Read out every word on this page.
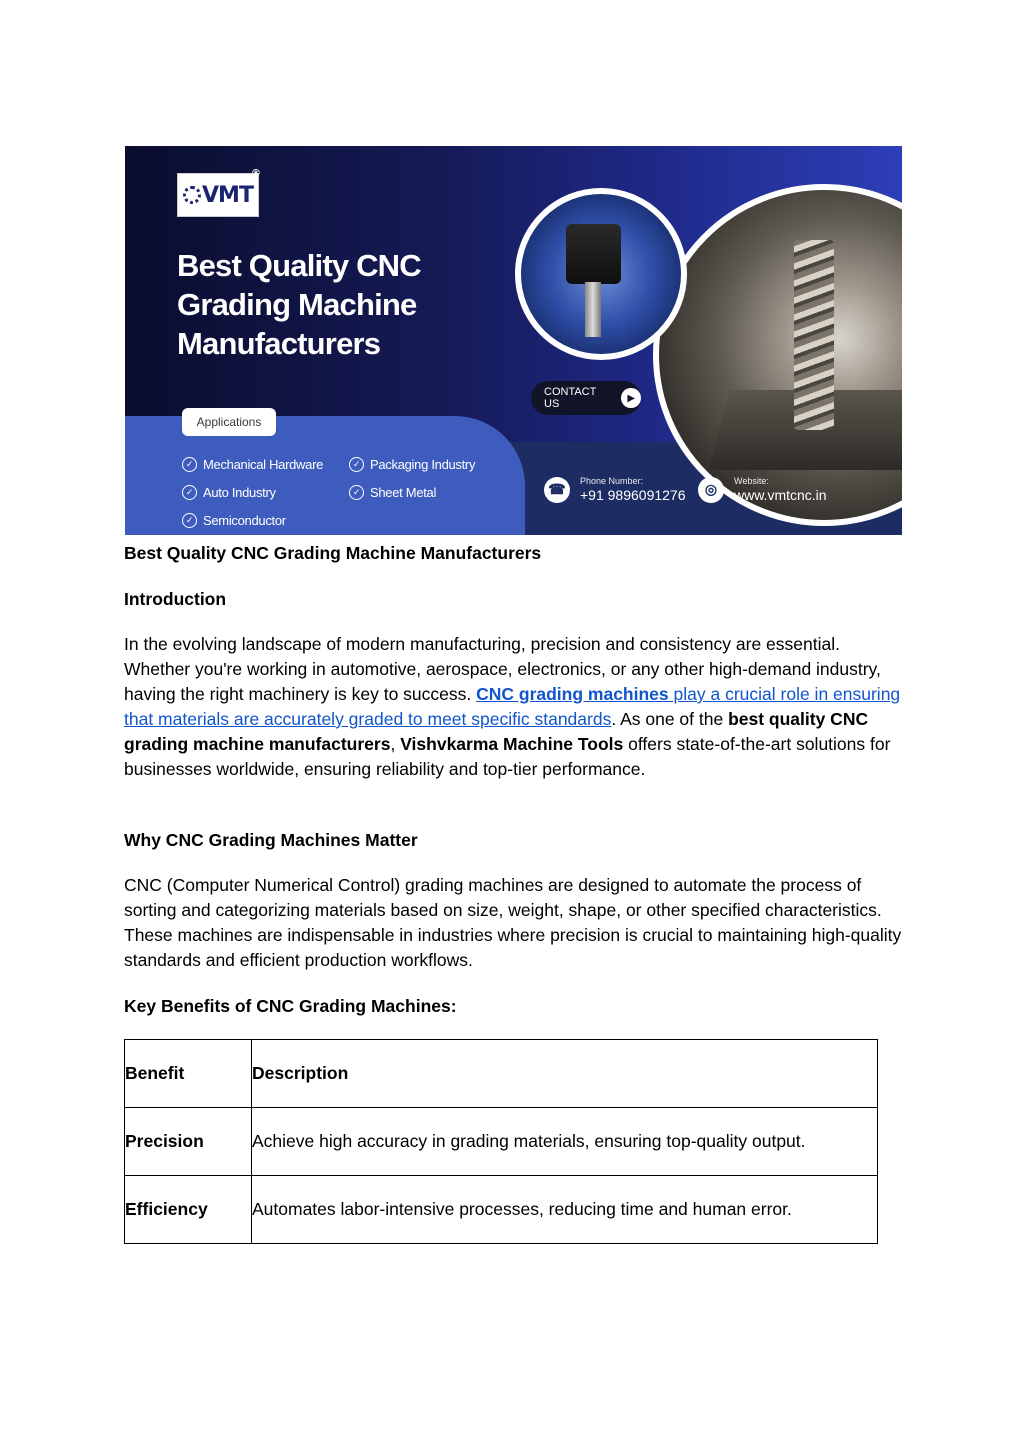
VMT
®
Best Quality CNC Grading Machine Manufacturers
CONTACT US	▶
Applications
✓ Mechanical Hardware	✓ Packaging Industry
✓ Auto Industry	✓ Sheet Metal
✓ Semiconductor
☎	Phone Number:
+91 9896091276	◎	Website:
www.vmtcnc.in
Best Quality CNC Grading Machine Manufacturers
Introduction

In the evolving landscape of modern manufacturing, precision and consistency are essential. Whether you're working in automotive, aerospace, electronics, or any other high-demand industry, having the right machinery is key to success. CNC grading machines play a crucial role in ensuring that materials are accurately graded to meet specific standards. As one of the best quality CNC grading machine manufacturers, Vishvkarma Machine Tools offers state-of-the-art solutions for businesses worldwide, ensuring reliability and top-tier performance.

Why CNC Grading Machines Matter

CNC (Computer Numerical Control) grading machines are designed to automate the process of sorting and categorizing materials based on size, weight, shape, or other specified characteristics. These machines are indispensable in industries where precision is crucial to maintaining high-quality standards and efficient production workflows.

Key Benefits of CNC Grading Machines:
Benefit	Description
Precision	Achieve high accuracy in grading materials, ensuring top-quality output.
Efficiency	Automates labor-intensive processes, reducing time and human error.
